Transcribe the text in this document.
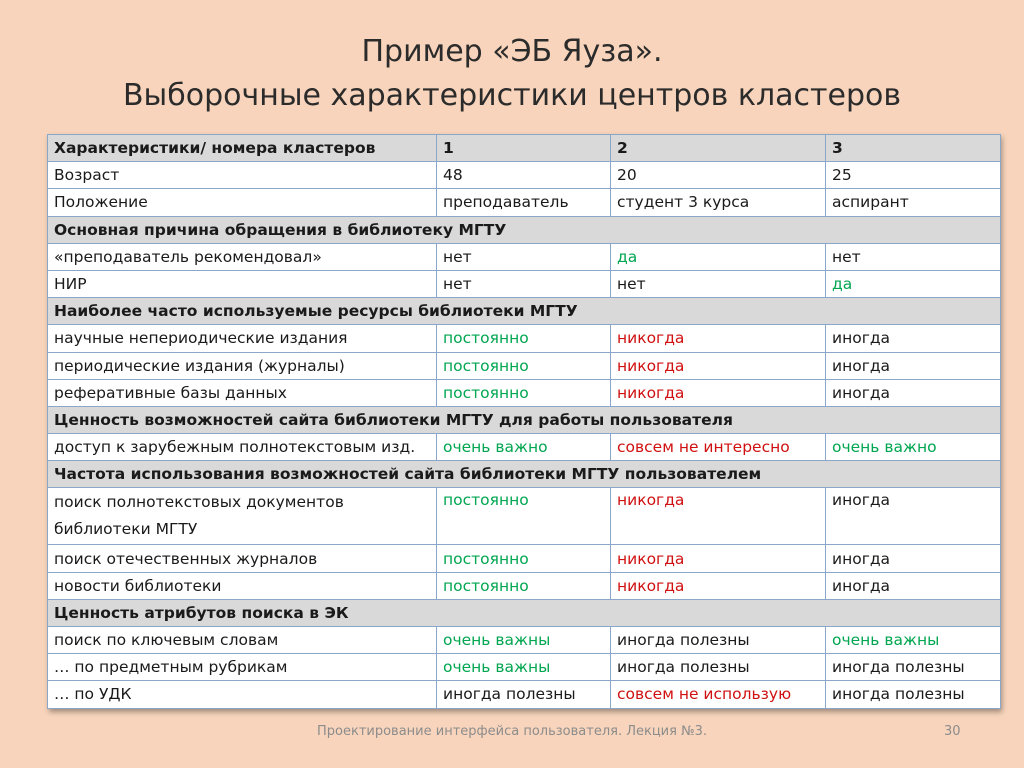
Пример «ЭБ Яуза».
Выборочные характеристики центров кластеров
Характеристики/ номера кластеров	1	2	3
Возраст	48	20	25
Положение	преподаватель	студент 3 курса	аспирант
Основная причина обращения в библиотеку МГТУ			
«преподаватель рекомендовал»	нет	да	нет
НИР	нет	нет	да
Наиболее часто используемые ресурсы библиотеки МГТУ			
научные непериодические издания	постоянно	никогда	иногда
периодические издания (журналы)	постоянно	никогда	иногда
реферативные базы данных	постоянно	никогда	иногда
Ценность возможностей сайта библиотеки МГТУ для работы пользователя			
доступ к зарубежным полнотекстовым изд.	очень важно	совсем не интересно	очень важно
Частота использования возможностей сайта библиотеки МГТУ пользователем			

поиск полнотекстовых документов библиотеки МГТУ	постоянно	никогда	иногда
поиск отечественных журналов	постоянно	никогда	иногда
новости библиотеки	постоянно	никогда	иногда
Ценность атрибутов поиска в ЭК			
поиск по ключевым словам	очень важны	иногда полезны	очень важны
… по предметным рубрикам	очень важны	иногда полезны	иногда полезны
… по УДК	иногда полезны	совсем не использую	иногда полезны
Проектирование интерфейса пользователя. Лекция №3.	30
